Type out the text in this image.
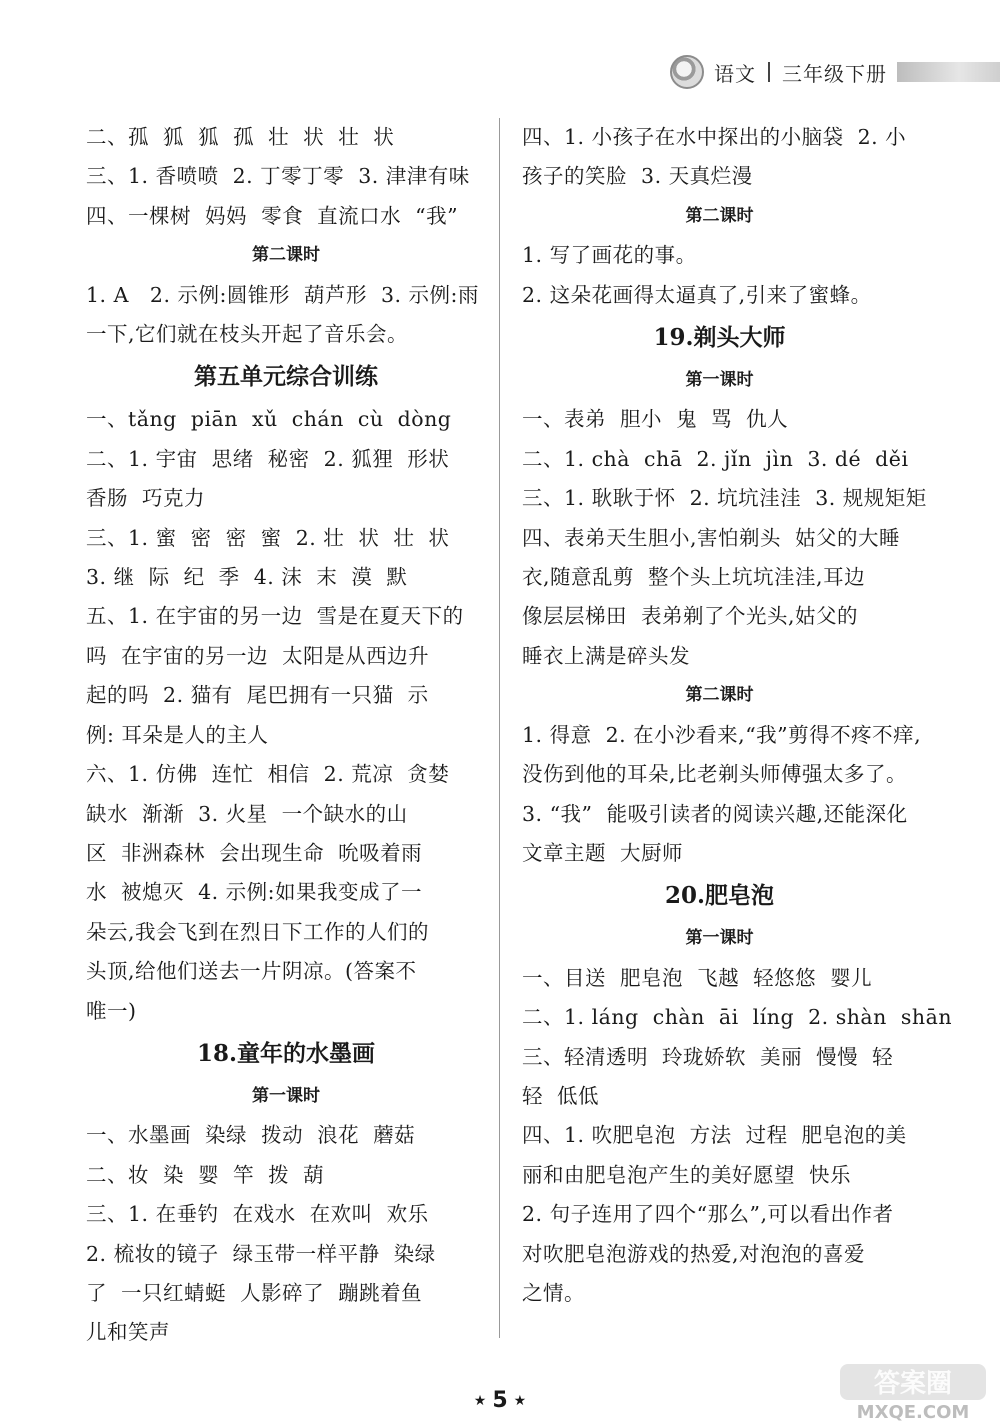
语文 三年级下册
二、孤  狐  狐  孤  壮  状  壮  状
三、1. 香喷喷  2. 丁零丁零  3. 津津有味
四、一棵树  妈妈  零食  直流口水  “我”
第二课时
1. A   2. 示例:圆锥形  葫芦形  3. 示例:雨
一下,它们就在枝头开起了音乐会。
第五单元综合训练
一、tǎng  piān  xǔ  chán  cù  dòng
二、1. 宇宙  思绪  秘密  2. 狐狸  形状
香肠  巧克力
三、1. 蜜  密  密  蜜  2. 壮  状  壮  状
3. 继  际  纪  季  4. 沫  末  漠  默
五、1. 在宇宙的另一边  雪是在夏天下的
吗  在宇宙的另一边  太阳是从西边升
起的吗  2. 猫有  尾巴拥有一只猫  示
例: 耳朵是人的主人
六、1. 仿佛  连忙  相信  2. 荒凉  贪婪
缺水  渐渐  3. 火星  一个缺水的山
区  非洲森林  会出现生命  吮吸着雨
水  被熄灭  4. 示例:如果我变成了一
朵云,我会飞到在烈日下工作的人们的
头顶,给他们送去一片阴凉。(答案不
唯一)
18.童年的水墨画
第一课时
一、水墨画  染绿  拨动  浪花  蘑菇
二、妆  染  婴  竿  拨  葫
三、1. 在垂钓  在戏水  在欢叫  欢乐
2. 梳妆的镜子  绿玉带一样平静  染绿
了  一只红蜻蜓  人影碎了  蹦跳着鱼
儿和笑声
四、1. 小孩子在水中探出的小脑袋  2. 小
孩子的笑脸  3. 天真烂漫
第二课时
1. 写了画花的事。
2. 这朵花画得太逼真了,引来了蜜蜂。
19.剃头大师
第一课时
一、表弟  胆小  鬼  骂  仇人
二、1. chà  chā  2. jǐn  jìn  3. dé  děi
三、1. 耿耿于怀  2. 坑坑洼洼  3. 规规矩矩
四、表弟天生胆小,害怕剃头  姑父的大睡
衣,随意乱剪  整个头上坑坑洼洼,耳边
像层层梯田  表弟剃了个光头,姑父的
睡衣上满是碎头发
第二课时
1. 得意  2. 在小沙看来,“我”剪得不疼不痒,
没伤到他的耳朵,比老剃头师傅强太多了。
3. “我”  能吸引读者的阅读兴趣,还能深化
文章主题  大厨师
20.肥皂泡
第一课时
一、目送  肥皂泡  飞越  轻悠悠  婴儿
二、1. láng  chàn  āi  líng  2. shàn  shān
三、轻清透明  玲珑娇软  美丽  慢慢  轻
轻  低低
四、1. 吹肥皂泡  方法  过程  肥皂泡的美
丽和由肥皂泡产生的美好愿望  快乐
2. 句子连用了四个“那么”,可以看出作者
对吹肥皂泡游戏的热爱,对泡泡的喜爱
之情。
★ 5 ★
答案圈
MXQE.COM
